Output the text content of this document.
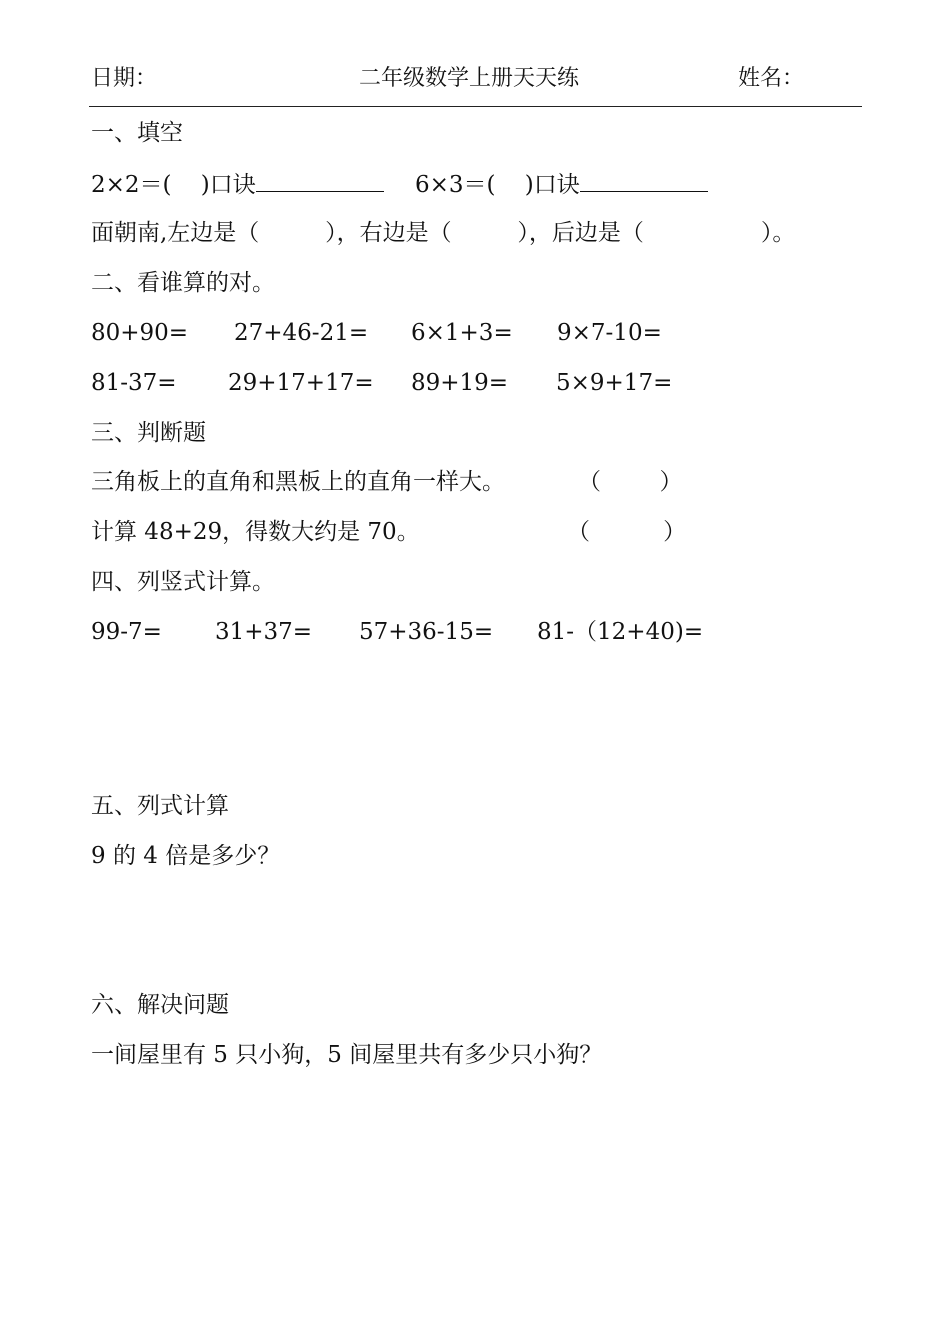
日期：	二年级数学上册天天练	姓名：
一、填空
2×2＝(    )口诀	6×3＝(    )口诀
面朝南,左边是（         ），右边是（         ），后边是（                ）。
二、看谁算的对。
80+90= 27+46-21= 6×1+3= 9×7-10=
81-37= 29+17+17= 89+19= 5×9+17=
三、判断题
三角板上的直角和黑板上的直角一样大。	（        ）
计算 48+29，得数大约是 70。	（          ）
四、列竖式计算。
99-7= 31+37= 57+36-15= 81-（12+40)=
五、列式计算
9 的 4 倍是多少？
六、解决问题
一间屋里有 5 只小狗，5 间屋里共有多少只小狗？
